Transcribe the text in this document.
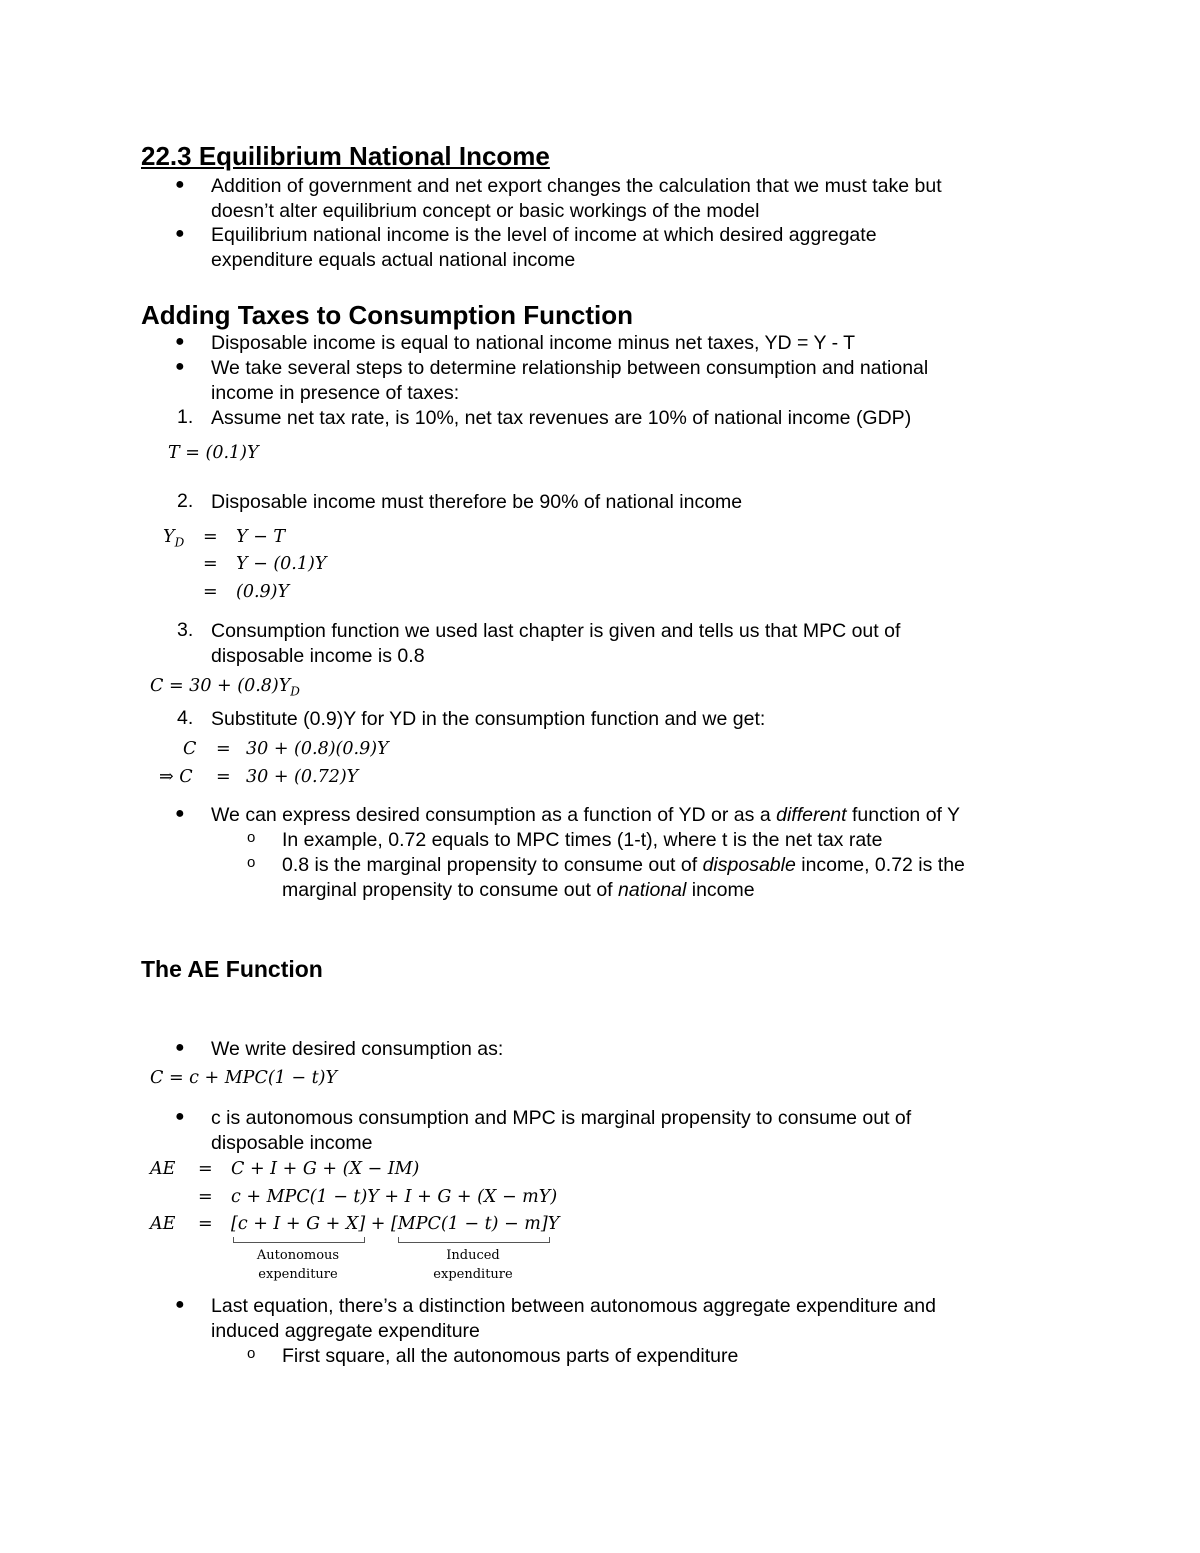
22.3 Equilibrium National Income
● Addition of government and net export changes the calculation that we must take but
doesn’t alter equilibrium concept or basic workings of the model
● Equilibrium national income is the level of income at which desired aggregate
expenditure equals actual national income
Adding Taxes to Consumption Function
● Disposable income is equal to national income minus net taxes, YD = Y - T
● We take several steps to determine relationship between consumption and national
income in presence of taxes:
1. Assume net tax rate, is 10%, net tax revenues are 10% of national income (GDP)
T = (0.1)Y
2. Disposable income must therefore be 90% of national income
$Y_D = Y - T$
= Y − (0.1)Y
= (0.9)Y
3. Consumption function we used last chapter is given and tells us that MPC out of
disposable income is 0.8
$C = 30 + (0.8)Y_D$
4. Substitute (0.9)Y for YD in the consumption function and we get:
C = 30 + (0.8)(0.9)Y
⇒ C = 30 + (0.72)Y
● We can express desired consumption as a function of YD or as a different function of Y
o In example, 0.72 equals to MPC times (1-t), where t is the net tax rate
o 0.8 is the marginal propensity to consume out of disposable income, 0.72 is the
marginal propensity to consume out of national income
The AE Function
● We write desired consumption as:
C = c + MPC(1 − t)Y
● c is autonomous consumption and MPC is marginal propensity to consume out of
disposable income
AE = C + I + G + (X − IM)
= c + MPC(1 − t)Y + I + G + (X − mY)
AE = [c + I + G + X] + [MPC(1 − t) − m]Y
Autonomous
expenditure
Induced
expenditure
● Last equation, there’s a distinction between autonomous aggregate expenditure and
induced aggregate expenditure
o First square, all the autonomous parts of expenditure
